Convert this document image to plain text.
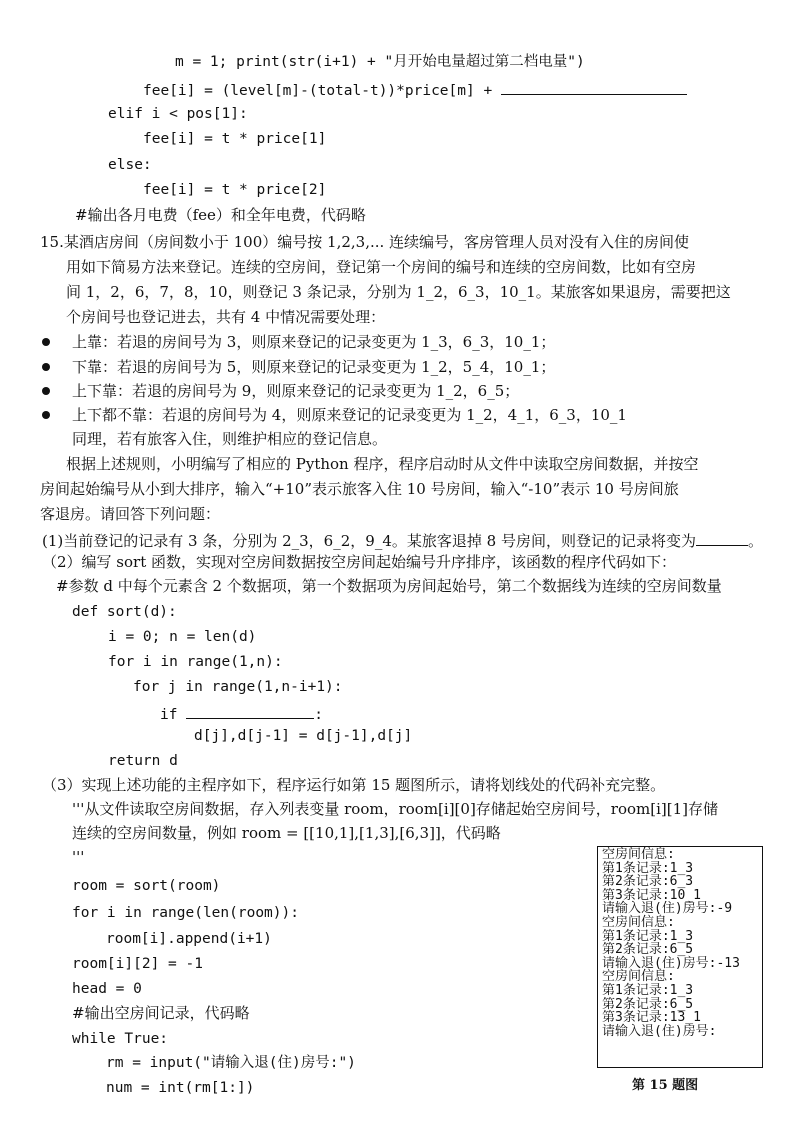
m = 1; print(str(i+1) + "月开始电量超过第二档电量")
fee[i] = (level[m]-(total-t))*price[m] +
elif i < pos[1]:
fee[i] = t * price[1]
else:
fee[i] = t * price[2]
#输出各月电费（fee）和全年电费，代码略
15.某酒店房间（房间数小于 100）编号按 1,2,3,... 连续编号，客房管理人员对没有入住的房间使
用如下简易方法来登记。连续的空房间，登记第一个房间的编号和连续的空房间数，比如有空房
间 1，2，6，7，8，10，则登记 3 条记录，分别为 1_2，6_3，10_1。某旅客如果退房，需要把这
个房间号也登记进去，共有 4 中情况需要处理：
上靠：若退的房间号为 3，则原来登记的记录变更为 1_3，6_3，10_1；
下靠：若退的房间号为 5，则原来登记的记录变更为 1_2，5_4，10_1；
上下靠：若退的房间号为 9，则原来登记的记录变更为 1_2，6_5；
上下都不靠：若退的房间号为 4，则原来登记的记录变更为 1_2，4_1，6_3，10_1
同理，若有旅客入住，则维护相应的登记信息。
根据上述规则，小明编写了相应的 Python 程序，程序启动时从文件中读取空房间数据，并按空
房间起始编号从小到大排序，输入“+10”表示旅客入住 10 号房间，输入“-10”表示 10 号房间旅
客退房。请回答下列问题：
(1)当前登记的记录有 3 条，分别为 2_3，6_2，9_4。某旅客退掉 8 号房间，则登记的记录将变为	。
（2）编写 sort 函数，实现对空房间数据按空房间起始编号升序排序，该函数的程序代码如下：
#参数 d 中每个元素含 2 个数据项，第一个数据项为房间起始号，第二个数据线为连续的空房间数量
def sort(d):
i = 0; n = len(d)
for i in range(1,n):
for j in range(1,n-i+1):
if	:
d[j],d[j-1] = d[j-1],d[j]
return d
（3）实现上述功能的主程序如下，程序运行如第 15 题图所示，请将划线处的代码补充完整。
'''从文件读取空房间数据，存入列表变量 room，room[i][0]存储起始空房间号，room[i][1]存储
连续的空房间数量，例如 room = [[10,1],[1,3],[6,3]]，代码略
'''
room = sort(room)
for i in range(len(room)):
room[i].append(i+1)
room[i][2] = -1
head = 0
#输出空房间记录，代码略
while True:
rm = input("请输入退(住)房号:")
num = int(rm[1:])
空房间信息:
第1条记录:1_3
第2条记录:6_3
第3条记录:10_1
请输入退(住)房号:-9
空房间信息:
第1条记录:1_3
第2条记录:6_5
请输入退(住)房号:-13
空房间信息:
第1条记录:1_3
第2条记录:6_5
第3条记录:13_1
请输入退(住)房号:
第 15 题图
